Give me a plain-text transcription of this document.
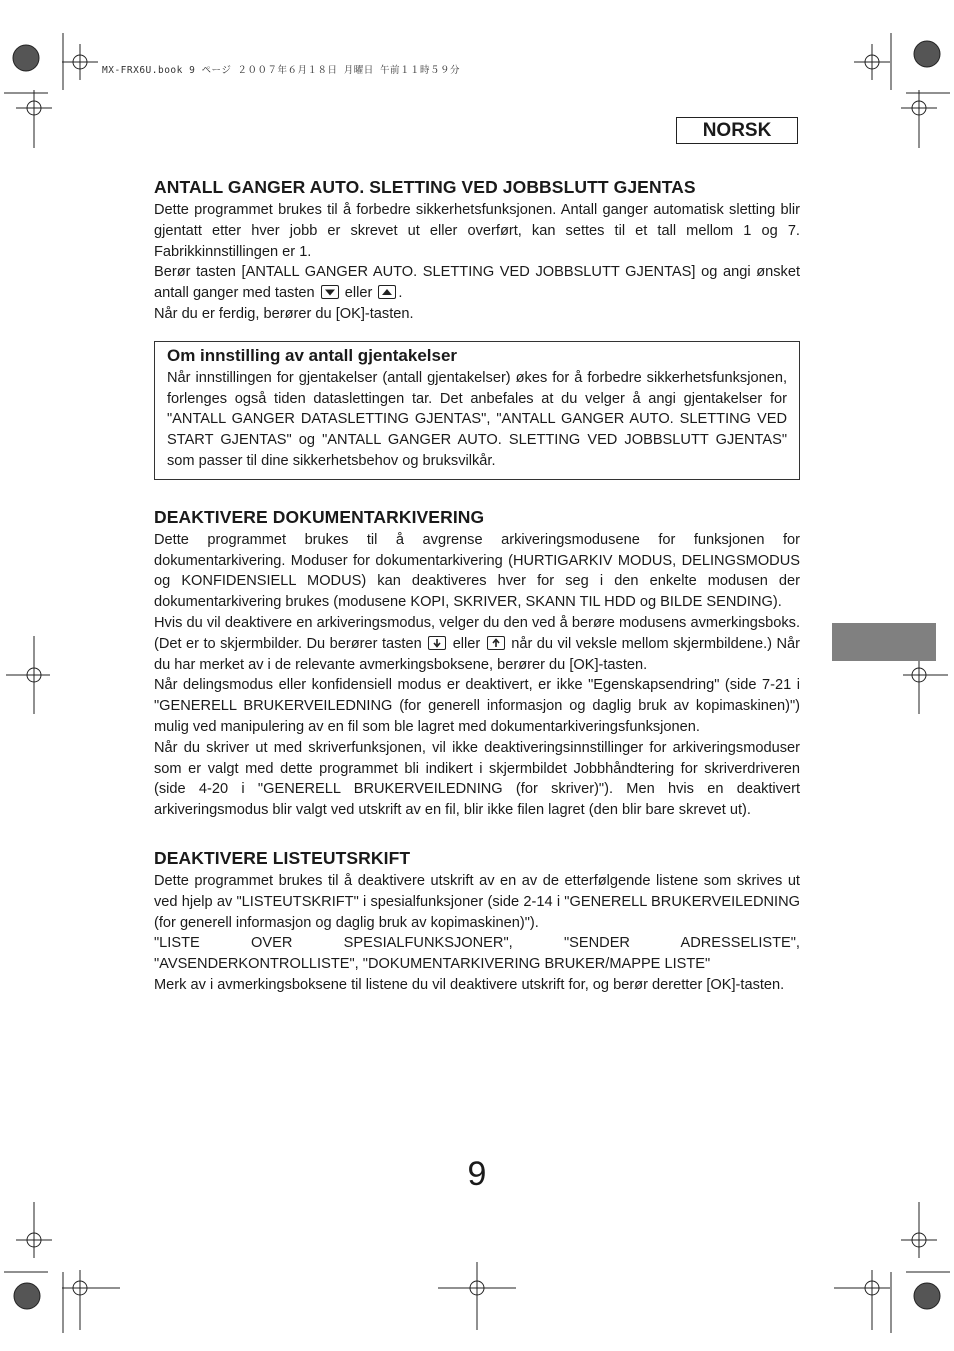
MX-FRX6U.book 9 ページ ２００７年６月１８日 月曜日 午前１１時５９分
NORSK
ANTALL GANGER AUTO. SLETTING VED JOBBSLUTT GJENTAS

Dette programmet brukes til å forbedre sikkerhetsfunksjonen. Antall ganger automatisk sletting blir gjentatt etter hver jobb er skrevet ut eller overført, kan settes til et tall mellom 1 og 7. Fabrikkinnstillingen er 1.

Berør tasten [ANTALL GANGER AUTO. SLETTING VED JOBBSLUTT GJENTAS] og angi ønsket antall ganger med tasten eller .

Når du er ferdig, berører du [OK]-tasten.

Om innstilling av antall gjentakelser

Når innstillingen for gjentakelser (antall gjentakelser) økes for å forbedre sikkerhetsfunksjonen, forlenges også tiden dataslettingen tar. Det anbefales at du velger å angi gjentakelser for "ANTALL GANGER DATASLETTING GJENTAS", "ANTALL GANGER AUTO. SLETTING VED START GJENTAS" og "ANTALL GANGER AUTO. SLETTING VED JOBBSLUTT GJENTAS" som passer til dine sikkerhetsbehov og bruksvilkår.

DEAKTIVERE DOKUMENTARKIVERING

Dette programmet brukes til å avgrense arkiveringsmodusene for funksjonen for dokumentarkivering. Moduser for dokumentarkivering (HURTIGARKIV MODUS, DELINGSMODUS og KONFIDENSIELL MODUS) kan deaktiveres hver for seg i den enkelte modusen der dokumentarkivering brukes (modusene KOPI, SKRIVER, SKANN TIL HDD og BILDE SENDING).

Hvis du vil deaktivere en arkiveringsmodus, velger du den ved å berøre modusens avmerkingsboks. (Det er to skjermbilder. Du berører tasten eller når du vil veksle mellom skjermbildene.) Når du har merket av i de relevante avmerkingsboksene, berører du [OK]-tasten.

Når delingsmodus eller konfidensiell modus er deaktivert, er ikke "Egenskapsendring" (side 7-21 i "GENERELL BRUKERVEILEDNING (for generell informasjon og daglig bruk av kopimaskinen)") mulig ved manipulering av en fil som ble lagret med dokumentarkiveringsfunksjonen.

Når du skriver ut med skriverfunksjonen, vil ikke deaktiveringsinnstillinger for arkiveringsmoduser som er valgt med dette programmet bli indikert i skjermbildet Jobbhåndtering for skriverdriveren (side 4-20 i "GENERELL BRUKERVEILEDNING (for skriver)"). Men hvis en deaktivert arkiveringsmodus blir valgt ved utskrift av en fil, blir ikke filen lagret (den blir bare skrevet ut).

DEAKTIVERE LISTEUTSRKIFT

Dette programmet brukes til å deaktivere utskrift av en av de etterfølgende listene som skrives ut ved hjelp av "LISTEUTSKRIFT" i spesialfunksjoner (side 2-14 i "GENERELL BRUKERVEILEDNING (for generell informasjon og daglig bruk av kopimaskinen)").

"LISTE OVER SPESIALFUNKSJONER", "SENDER ADRESSELISTE", "AVSENDERKONTROLLISTE", "DOKUMENTARKIVERING BRUKER/MAPPE LISTE"

Merk av i avmerkingsboksene til listene du vil deaktivere utskrift for, og berør deretter [OK]-tasten.

9
